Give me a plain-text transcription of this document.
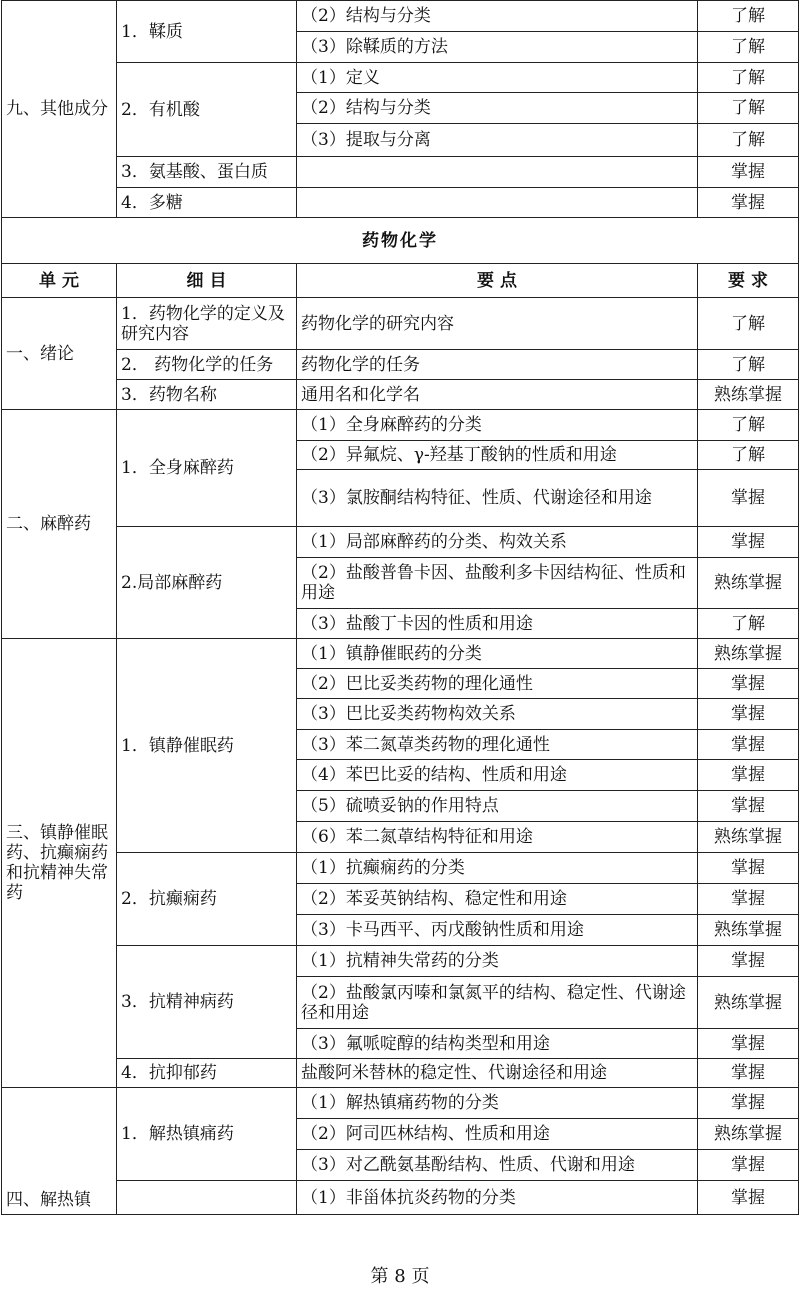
九、其他成分	1．鞣质	（2）结构与分类	了解
		（3）除鞣质的方法	了解
	2．有机酸	（1）定义	了解
		（2）结构与分类	了解
		（3）提取与分离	了解
	3．氨基酸、蛋白质		掌握
	4．多糖		掌握
药物化学			
单 元	细 目	要 点	要 求
一、绪论	1．药物化学的定义及研究内容	药物化学的研究内容	了解
	2． 药物化学的任务	药物化学的任务	了解
	3．药物名称	通用名和化学名	熟练掌握
二、麻醉药	1．全身麻醉药	（1）全身麻醉药的分类	了解
		（2）异氟烷、γ-羟基丁酸钠的性质和用途	了解
		（3）氯胺酮结构特征、性质、代谢途径和用途	掌握
	2.局部麻醉药	（1）局部麻醉药的分类、构效关系	掌握
		（2）盐酸普鲁卡因、盐酸利多卡因结构征、性质和用途	熟练掌握
		（3）盐酸丁卡因的性质和用途	了解
三、镇静催眠药、抗癫痫药和抗精神失常药	1．镇静催眠药	（1）镇静催眠药的分类	熟练掌握
		（2）巴比妥类药物的理化通性	掌握
		（3）巴比妥类药物构效关系	掌握
		（3）苯二氮䓬类药物的理化通性	掌握
		（4）苯巴比妥的结构、性质和用途	掌握
		（5）硫喷妥钠的作用特点	掌握
		（6）苯二氮䓬结构特征和用途	熟练掌握
	2．抗癫痫药	（1）抗癫痫药的分类	掌握
		（2）苯妥英钠结构、稳定性和用途	掌握
		（3）卡马西平、丙戊酸钠性质和用途	熟练掌握
	3．抗精神病药	（1）抗精神失常药的分类	掌握
		（2）盐酸氯丙嗪和氯氮平的结构、稳定性、代谢途径和用途	熟练掌握
		（3）氟哌啶醇的结构类型和用途	掌握
	4．抗抑郁药	盐酸阿米替林的稳定性、代谢途径和用途	掌握
四、解热镇	1．解热镇痛药	（1）解热镇痛药物的分类	掌握
		（2）阿司匹林结构、性质和用途	熟练掌握
		（3）对乙酰氨基酚结构、性质、代谢和用途	掌握
		（1）非甾体抗炎药物的分类	掌握
第 8 页
